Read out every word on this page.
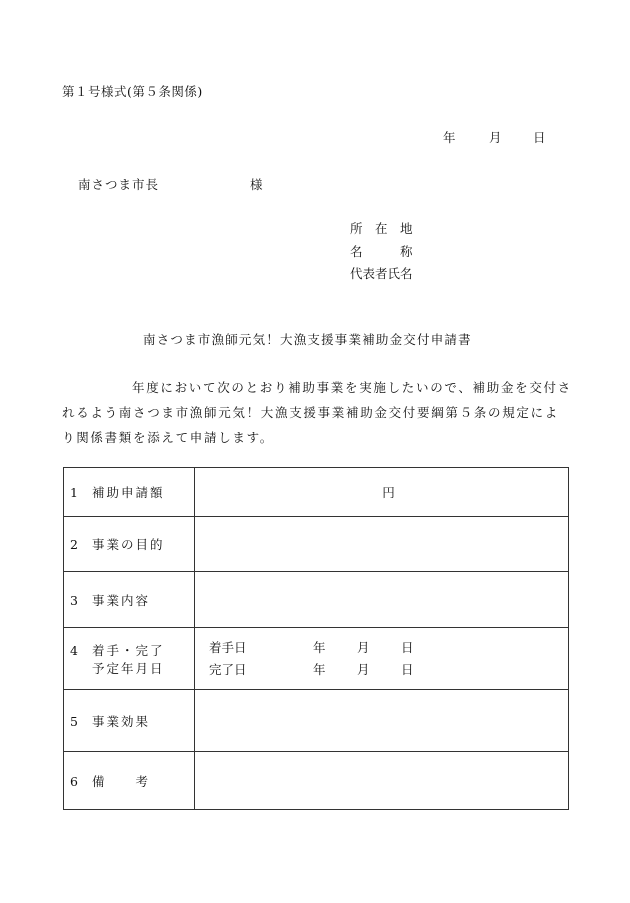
第１号様式(第５条関係)
年	月	日
南さつま市長	様
所　在　地
名　　　称
代表者氏名
南さつま市漁師元気！大漁支援事業補助金交付申請書
年度において次のとおり補助事業を実施したいので、補助金を交付されるよう南さつま市漁師元気！大漁支援事業補助金交付要綱第５条の規定により関係書類を添えて申請します。
1 補助申請額	円

2 事業の目的	
3 事業内容	
4 着手・完了
予定年月日	着手日 年 月 日
完了日 年 月 日

5 事業効果	
6 備　　考	
